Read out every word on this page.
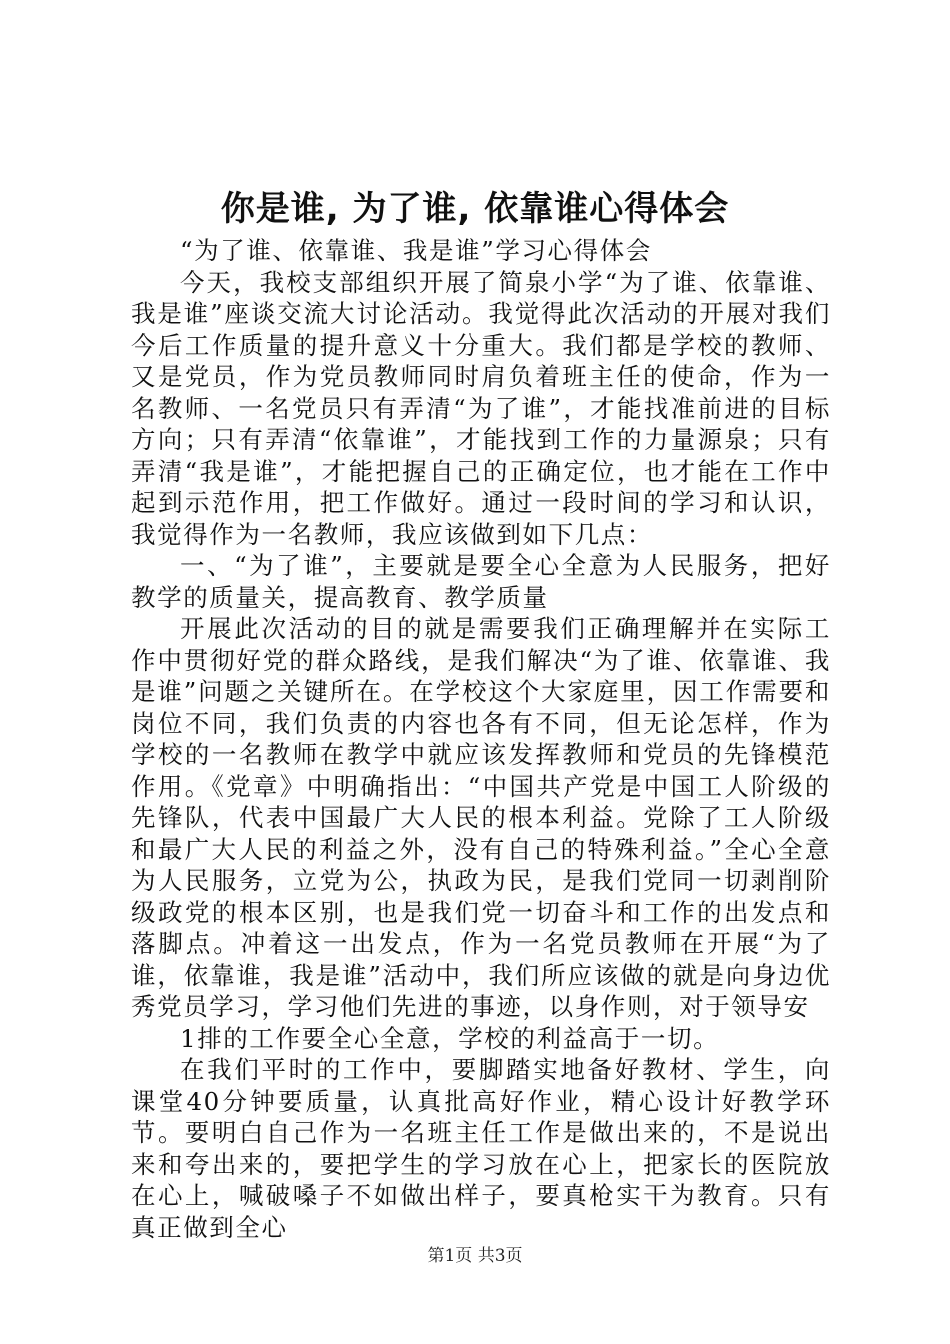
你是谁, 为了谁, 依靠谁心得体会

“为了谁、依靠谁、我是谁”学习心得体会

今天，我校支部组织开展了简泉小学“为了谁、依靠谁、我是谁”座谈交流大讨论活动。我觉得此次活动的开展对我们今后工作质量的提升意义十分重大。我们都是学校的教师、又是党员，作为党员教师同时肩负着班主任的使命，作为一名教师、一名党员只有弄清“为了谁”，才能找准前进的目标方向；只有弄清“依靠谁”，才能找到工作的力量源泉；只有弄清“我是谁”，才能把握自己的正确定位，也才能在工作中起到示范作用，把工作做好。通过一段时间的学习和认识，我觉得作为一名教师，我应该做到如下几点：

一、“为了谁”，主要就是要全心全意为人民服务，把好教学的质量关，提高教育、教学质量

开展此次活动的目的就是需要我们正确理解并在实际工作中贯彻好党的群众路线，是我们解决“为了谁、依靠谁、我是谁”问题之关键所在。在学校这个大家庭里，因工作需要和岗位不同，我们负责的内容也各有不同，但无论怎样，作为学校的一名教师在教学中就应该发挥教师和党员的先锋模范作用。《党章》中明确指出：“中国共产党是中国工人阶级的先锋队，代表中国最广大人民的根本利益。党除了工人阶级和最广大人民的利益之外，没有自己的特殊利益。”全心全意为人民服务，立党为公，执政为民，是我们党同一切剥削阶级政党的根本区别，也是我们党一切奋斗和工作的出发点和落脚点。冲着这一出发点，作为一名党员教师在开展“为了谁，依靠谁，我是谁”活动中，我们所应该做的就是向身边优秀党员学习，学习他们先进的事迹，以身作则，对于领导安

1排的工作要全心全意，学校的利益高于一切。

在我们平时的工作中，要脚踏实地备好教材、学生，向课堂40分钟要质量，认真批高好作业，精心设计好教学环节。要明白自己作为一名班主任工作是做出来的，不是说出来和夸出来的，要把学生的学习放在心上，把家长的医院放在心上，喊破嗓子不如做出样子，要真枪实干为教育。只有真正做到全心

第1页 共3页
